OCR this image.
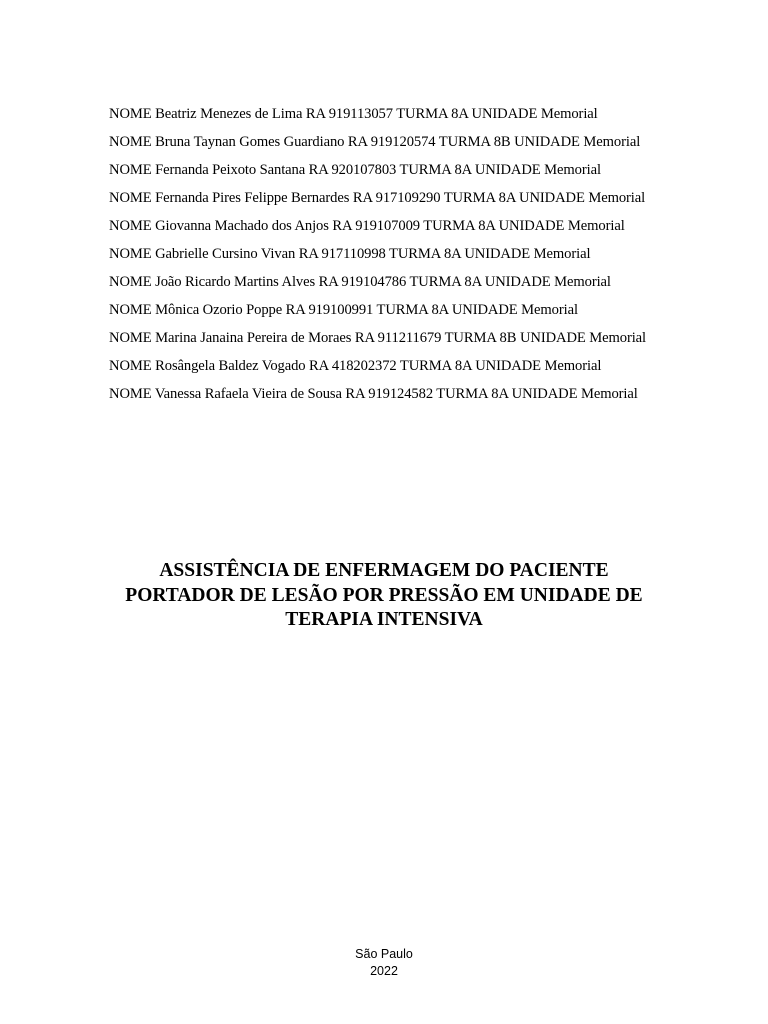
NOME Beatriz Menezes de Lima RA 919113057 TURMA 8A UNIDADE Memorial
NOME Bruna Taynan Gomes Guardiano RA 919120574 TURMA 8B UNIDADE Memorial
NOME Fernanda Peixoto Santana RA 920107803 TURMA 8A UNIDADE Memorial
NOME Fernanda Pires Felippe Bernardes RA 917109290 TURMA 8A UNIDADE Memorial
NOME Giovanna Machado dos Anjos RA 919107009 TURMA 8A UNIDADE Memorial
NOME Gabrielle Cursino Vivan RA 917110998 TURMA 8A UNIDADE Memorial
NOME João Ricardo Martins Alves RA 919104786 TURMA 8A UNIDADE Memorial
NOME Mônica Ozorio Poppe RA 919100991 TURMA 8A UNIDADE Memorial
NOME Marina Janaina Pereira de Moraes RA 911211679 TURMA 8B UNIDADE Memorial
NOME Rosângela Baldez Vogado RA 418202372 TURMA 8A UNIDADE Memorial
NOME Vanessa Rafaela Vieira de Sousa RA 919124582 TURMA 8A UNIDADE Memorial
ASSISTÊNCIA DE ENFERMAGEM DO PACIENTE
PORTADOR DE LESÃO POR PRESSÃO EM UNIDADE DE
TERAPIA INTENSIVA
São Paulo
2022
